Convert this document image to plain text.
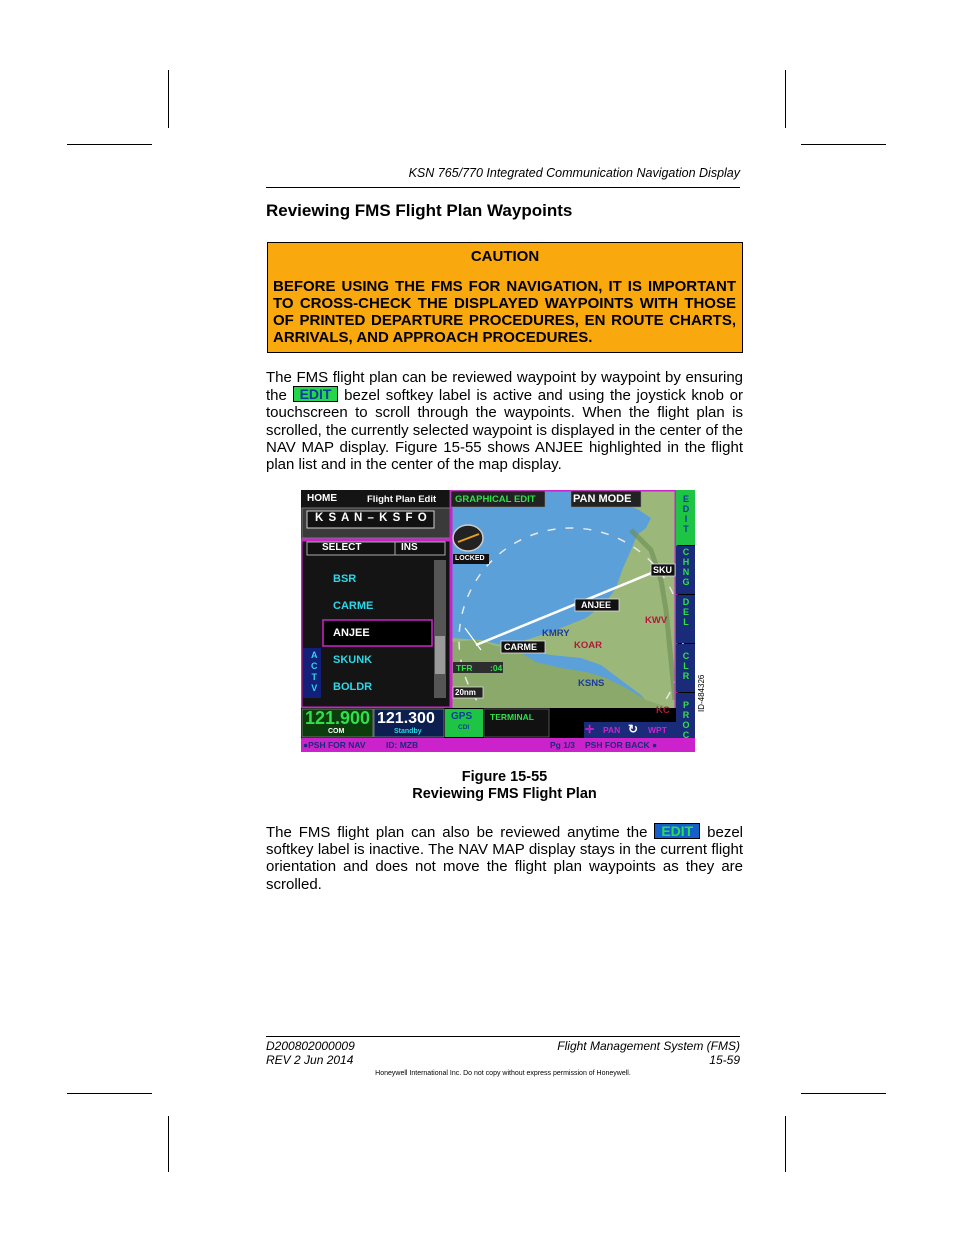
KSN 765/770 Integrated Communication Navigation Display
Reviewing FMS Flight Plan Waypoints
CAUTION
BEFORE USING THE FMS FOR NAVIGATION, IT IS IMPORTANT TO CROSS-CHECK THE DISPLAYED WAYPOINTS WITH THOSE OF PRINTED DEPARTURE PROCEDURES, EN ROUTE CHARTS, ARRIVALS, AND APPROACH PROCEDURES.
The FMS flight plan can be reviewed waypoint by waypoint by ensuring the EDIT bezel softkey label is active and using the joystick knob or touchscreen to scroll through the waypoints. When the flight plan is scrolled, the currently selected waypoint is displayed in the center of the NAV MAP display. Figure 15-55 shows ANJEE highlighted in the flight plan list and in the center of the map display.
HOME	Flight Plan Edit
K S A N – K S F O
SELECT	INS
BSR
CARME
ANJEE
SKUNK
BOLDR
A
C
T
V
121.900
COM
121.300
Standby
GPS
CDI
TERMINAL
●PSH FOR NAV ID: MZB
GRAPHICAL EDIT	PAN MODE
LOCKED
TFR :04
20nm
ANJEE
CARME
SKU
KMRY
KOAR
KSNS
KWV
KC
✛ PAN ↻ WPT
Pg 1/3 PSH FOR BACK ●
E
D
I
T
C
H
N
G
D
E
L
C
L
R
P
R
O
C
ID-484326
Figure 15-55
Reviewing FMS Flight Plan
The FMS flight plan can also be reviewed anytime the EDIT bezel softkey label is inactive. The NAV MAP display stays in the current flight orientation and does not move the flight plan waypoints as they are scrolled.
D200802000009
REV 2 Jun 2014
Flight Management System (FMS)
15-59
Honeywell International Inc. Do not copy without express permission of Honeywell.
